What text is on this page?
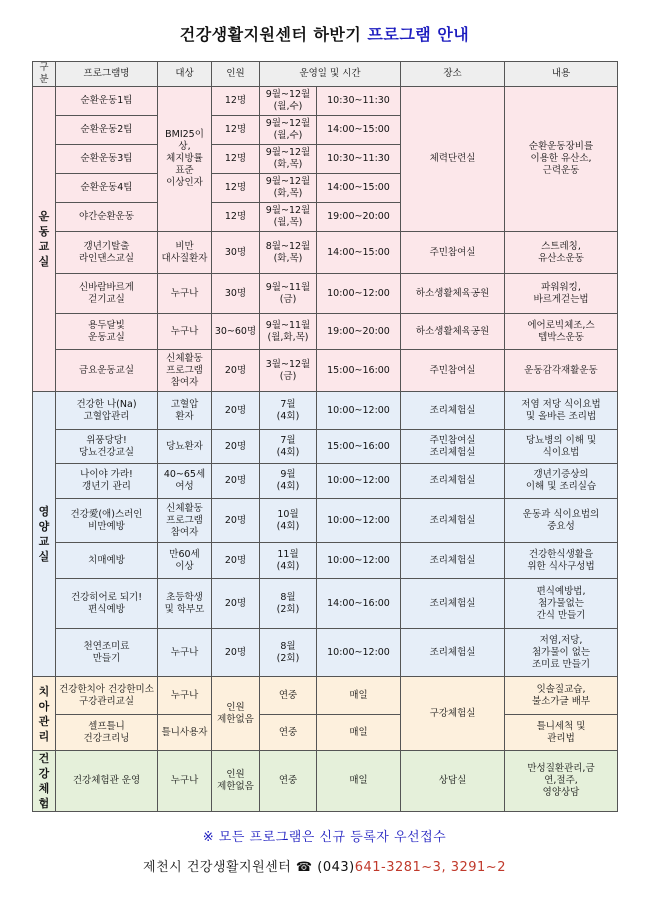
건강생활지원센터 하반기 프로그램 안내
구분	프로그램명	대상	인원	운영일 및 시간		장소	내용
운
동
교
실	순환운동1팀	BMI25이상,
체지방률
표준
이상인자	12명	9월~12월
(월,수)	10:30~11:30	체력단련실	순환운동장비를
이용한 유산소,
근력운동
	순환운동2팀		12명	9월~12월
(월,수)	14:00~15:00		
	순환운동3팀		12명	9월~12월
(화,목)	10:30~11:30		
	순환운동4팀		12명	9월~12월
(화,목)	14:00~15:00		
	야간순환운동		12명	9월~12월
(월,목)	19:00~20:00		
	갱년기탈출
라인댄스교실	비만
대사질환자	30명	8월~12월
(화,목)	14:00~15:00	주민참여실	스트레칭,
유산소운동
	신바람바르게
걷기교실	누구나	30명	9월~11월
(금)	10:00~12:00	하소생활체육공원	파워워킹,
바르게걷는법
	용두달빛
운동교실	누구나	30~60명	9월~11월
(월,화,목)	19:00~20:00	하소생활체육공원	에어로빅체조,스
텝박스운동
	금요운동교실	신체활동
프로그램
참여자	20명	3월~12월
(금)	15:00~16:00	주민참여실	운동감각재활운동
영
양
교
실	건강한 나(Na)
고혈압관리	고혈압
환자	20명	7월
(4회)	10:00~12:00	조리체험실	저염 저당 식이요법
및 올바른 조리법
	위풍당당!
당뇨건강교실	당뇨환자	20명	7월
(4회)	15:00~16:00	주민참여실
조리체험실	당뇨병의 이해 및
식이요법
	나이야 가라!
갱년기 관리	40~65세
여성	20명	9월
(4회)	10:00~12:00	조리체험실	갱년기증상의
이해 및 조리실습
	건강愛(애)스러인
비만예방	신체활동
프로그램
참여자	20명	10월
(4회)	10:00~12:00	조리체험실	운동과 식이요법의
중요성
	치매예방	만60세
이상	20명	11월
(4회)	10:00~12:00	조리체험실	건강한식생활을
위한 식사구성법
	건강히어로 되기!
편식예방	초등학생
및 학부모	20명	8월
(2회)	14:00~16:00	조리체험실	편식예방법,
첨가물없는
간식 만들기
	천연조미료
만들기	누구나	20명	8월
(2회)	10:00~12:00	조리체험실	저염,저당,
첨가물이 없는
조미료 만들기
치
아
관
리	건강한치아 건강한미소
구강관리교실	누구나	인원
제한없음	연중	매일	구강체험실	잇솔질교습,
불소가글 배부
	셀프틀니
건강크리닝	틀니사용자		연중	매일		틀니세척 및
관리법
건
강
체
험	건강체험관 운영	누구나	인원
제한없음	연중	매일	상담실	만성질환관리,금
연,절주,
영양상담
※ 모든 프로그램은 신규 등록자 우선접수
제천시 건강생활지원센터 ☎ (043)641-3281~3, 3291~2
